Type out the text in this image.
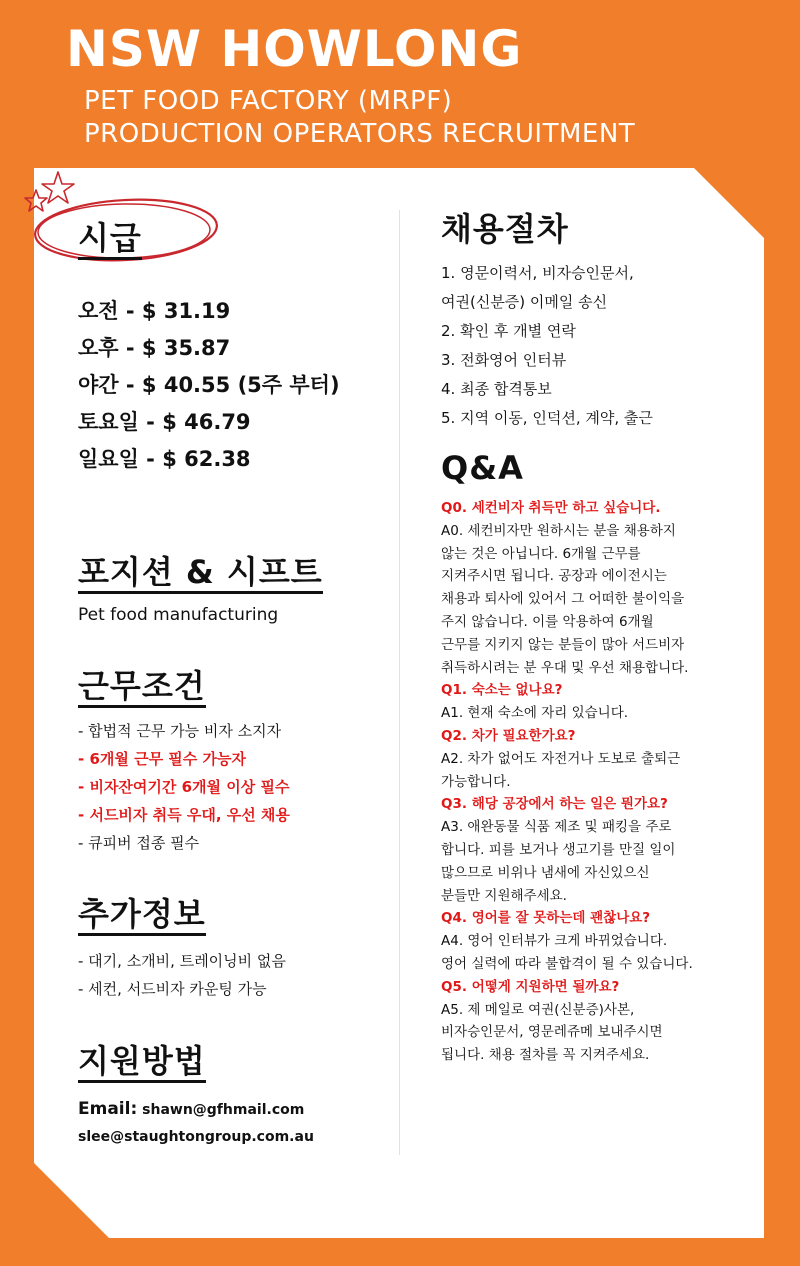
NSW HOWLONG
PET FOOD FACTORY (MRPF)
PRODUCTION OPERATORS RECRUITMENT
시급
오전 - $ 31.19
오후 - $ 35.87
야간 - $ 40.55 (5주 부터)
토요일 - $ 46.79
일요일 - $ 62.38
포지션 & 시프트
Pet food manufacturing
근무조건
- 합법적 근무 가능 비자 소지자
- 6개월 근무 필수 가능자
- 비자잔여기간 6개월 이상 필수
- 서드비자 취득 우대, 우선 채용
- 큐피버 접종 필수
추가정보
- 대기, 소개비, 트레이닝비 없음
- 세컨, 서드비자 카운팅 가능
지원방법
Email: shawn@gfhmail.com
slee@staughtongroup.com.au
채용절차
1. 영문이력서, 비자승인문서,
여권(신분증) 이메일 송신
2. 확인 후 개별 연락
3. 전화영어 인터뷰
4. 최종 합격통보
5. 지역 이동, 인덕션, 계약, 출근
Q&A
Q0. 세컨비자 취득만 하고 싶습니다.
A0. 세컨비자만 원하시는 분을 채용하지
않는 것은 아닙니다. 6개월 근무를
지켜주시면 됩니다. 공장과 에이전시는
채용과 퇴사에 있어서 그 어떠한 불이익을
주지 않습니다. 이를 악용하여 6개월
근무를 지키지 않는 분들이 많아 서드비자
취득하시려는 분 우대 및 우선 채용합니다.
Q1. 숙소는 없나요?
A1. 현재 숙소에 자리 있습니다.
Q2. 차가 필요한가요?
A2. 차가 없어도 자전거나 도보로 출퇴근
가능합니다.
Q3. 해당 공장에서 하는 일은 뭔가요?
A3. 애완동물 식품 제조 및 패킹을 주로
합니다. 피를 보거나 생고기를 만질 일이
많으므로 비위나 냄새에 자신있으신
분들만 지원해주세요.
Q4. 영어를 잘 못하는데 괜찮나요?
A4. 영어 인터뷰가 크게 바뀌었습니다.
영어 실력에 따라 불합격이 될 수 있습니다.
Q5. 어떻게 지원하면 될까요?
A5. 제 메일로 여권(신분증)사본,
비자승인문서, 영문레쥬메 보내주시면
됩니다. 채용 절차를 꼭 지켜주세요.
